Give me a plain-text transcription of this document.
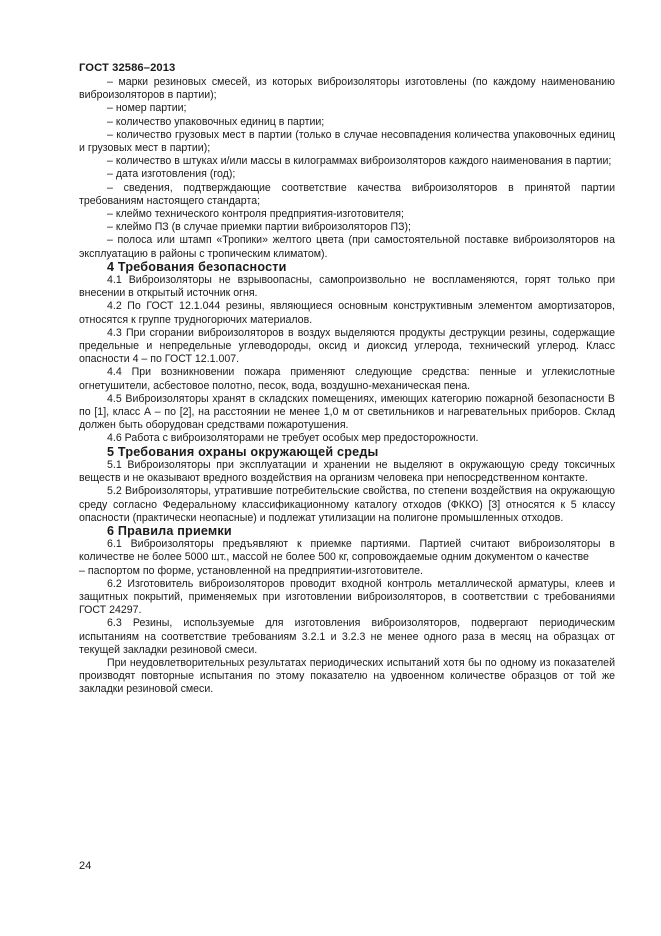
ГОСТ 32586–2013

– марки резиновых смесей, из которых виброизоляторы изготовлены (по каждому наименованию виброизоляторов в партии);

– номер партии;

– количество упаковочных единиц в партии;

– количество грузовых мест в партии (только в случае несовпадения количества упаковочных единиц и грузовых мест в партии);

– количество в штуках и/или массы в килограммах виброизоляторов каждого наименования в партии;

– дата изготовления (год);

– сведения, подтверждающие соответствие качества виброизоляторов в принятой партии требованиям настоящего стандарта;

– клеймо технического контроля предприятия-изготовителя;

– клеймо ПЗ (в случае приемки партии виброизоляторов ПЗ);

– полоса или штамп «Тропики» желтого цвета (при самостоятельной поставке виброизоляторов на эксплуатацию в районы с тропическим климатом).

4 Требования безопасности

4.1 Виброизоляторы не взрывоопасны, самопроизвольно не воспламеняются, горят только при внесении в открытый источник огня.

4.2 По ГОСТ 12.1.044 резины, являющиеся основным конструктивным элементом амортизаторов, относятся к группе трудногорючих материалов.

4.3 При сгорании виброизоляторов в воздух выделяются продукты деструкции резины, содержащие предельные и непредельные углеводороды, оксид и диоксид углерода, технический углерод. Класс опасности 4 – по ГОСТ 12.1.007.

4.4 При возникновении пожара применяют следующие средства: пенные и углекислотные огнетушители, асбестовое полотно, песок, вода, воздушно-механическая пена.

4.5 Виброизоляторы хранят в складских помещениях, имеющих категорию пожарной безопасности В по [1], класс А – по [2], на расстоянии не менее 1,0 м от светильников и нагревательных приборов. Склад должен быть оборудован средствами пожаротушения.

4.6 Работа с виброизоляторами не требует особых мер предосторожности.

5 Требования охраны окружающей среды

5.1 Виброизоляторы при эксплуатации и хранении не выделяют в окружающую среду токсичных веществ и не оказывают вредного воздействия на организм человека при непосредственном контакте.

5.2 Виброизоляторы, утратившие потребительские свойства, по степени воздействия на окружающую среду согласно Федеральному классификационному каталогу отходов (ФККО) [3] относятся к 5 классу опасности (практически неопасные) и подлежат утилизации на полигоне промышленных отходов.

6 Правила приемки

6.1 Виброизоляторы предъявляют к приемке партиями. Партией считают виброизоляторы в количестве не более 5000 шт., массой не более 500 кг, сопровождаемые одним документом о качестве

– паспортом по форме, установленной на предприятии-изготовителе.

6.2 Изготовитель виброизоляторов проводит входной контроль металлической арматуры, клеев и защитных покрытий, применяемых при изготовлении виброизоляторов, в соответствии с требованиями ГОСТ 24297.

6.3 Резины, используемые для изготовления виброизоляторов, подвергают периодическим испытаниям на соответствие требованиям 3.2.1 и 3.2.3 не менее одного раза в месяц на образцах от текущей закладки резиновой смеси.

При неудовлетворительных результатах периодических испытаний хотя бы по одному из показателей производят повторные испытания по этому показателю на удвоенном количестве образцов от той же закладки резиновой смеси.

24
